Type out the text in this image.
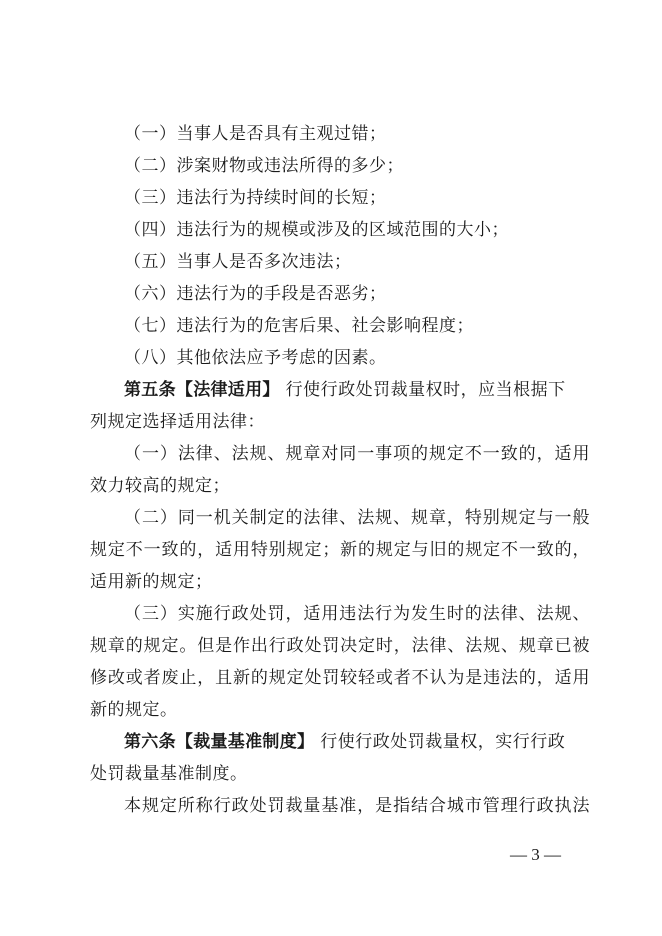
（一）当事人是否具有主观过错；
（二）涉案财物或违法所得的多少；
（三）违法行为持续时间的长短；
（四）违法行为的规模或涉及的区域范围的大小；
（五）当事人是否多次违法；
（六）违法行为的手段是否恶劣；
（七）违法行为的危害后果、社会影响程度；
（八）其他依法应予考虑的因素。
第五条【法律适用】 行使行政处罚裁量权时，应当根据下
列规定选择适用法律：
（一）法律、法规、规章对同一事项的规定不一致的，适用
效力较高的规定；
（二）同一机关制定的法律、法规、规章，特别规定与一般
规定不一致的，适用特别规定；新的规定与旧的规定不一致的，
适用新的规定；
（三）实施行政处罚，适用违法行为发生时的法律、法规、
规章的规定。但是作出行政处罚决定时，法律、法规、规章已被
修改或者废止，且新的规定处罚较轻或者不认为是违法的，适用
新的规定。
第六条【裁量基准制度】 行使行政处罚裁量权，实行行政
处罚裁量基准制度。
本规定所称行政处罚裁量基准，是指结合城市管理行政执法
— 3 —
